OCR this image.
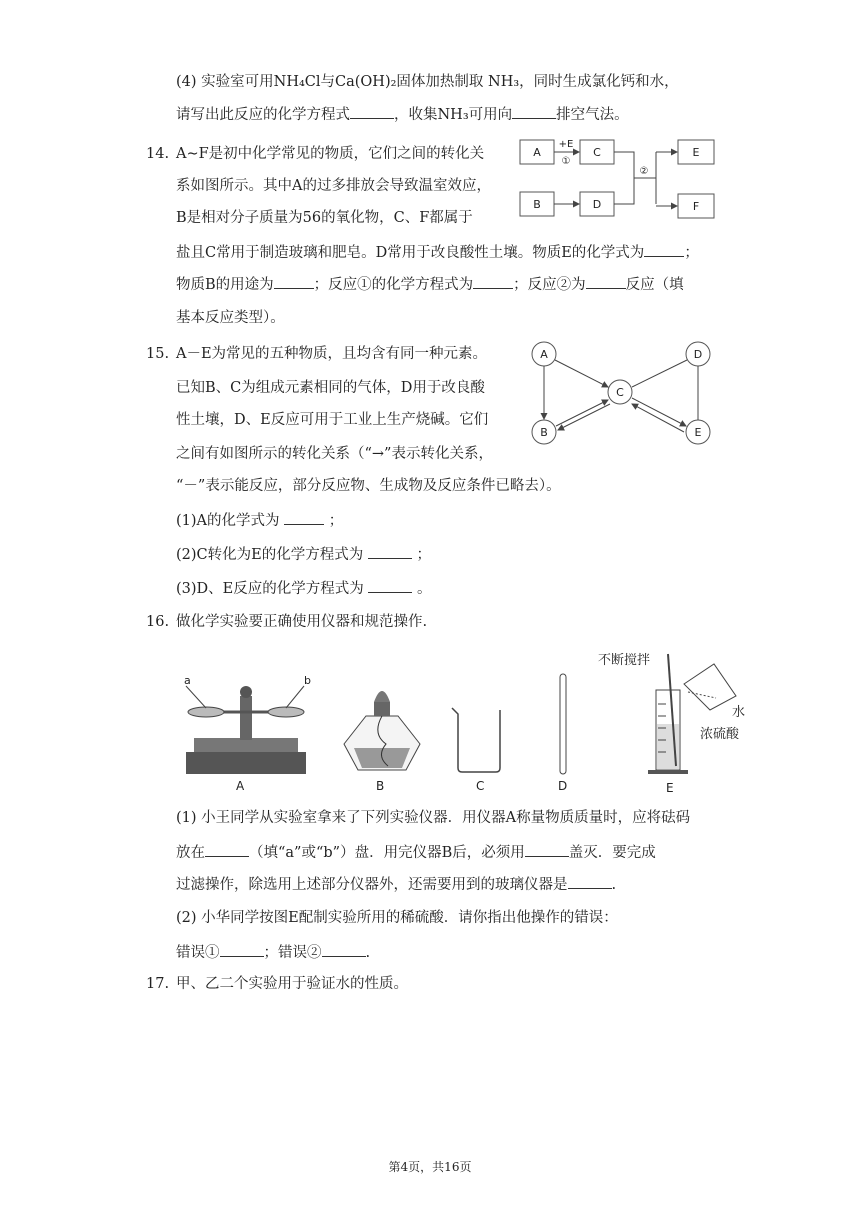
(4) 实验室可用NH₄Cl与Ca(OH)₂固体加热制取 NH₃，同时生成氯化钙和水，
请写出此反应的化学方程式	，收集NH₃可用向	排空气法。
14. A∼F是初中化学常见的物质，它们之间的转化关
系如图所示。其中A的过多排放会导致温室效应，
B是相对分子质量为56的氧化物，C、F都属于
盐且C常用于制造玻璃和肥皂。D常用于改良酸性土壤。物质E的化学式为	；
物质B的用途为	；反应①的化学方程式为	；反应②为	反应（填
基本反应类型）。
A	C
B	D
E
F
+E
①
②
15. A－E为常见的五种物质，且均含有同一种元素。
已知B、C为组成元素相同的气体，D用于改良酸
性土壤，D、E反应可用于工业上生产烧碱。它们
之间有如图所示的转化关系（“→”表示转化关系，
“－”表示能反应，部分反应物、生成物及反应条件已略去）。
(1)A的化学式为	；
(2)C转化为E的化学方程式为	；
(3)D、E反应的化学方程式为	。
A
C
D
B	E
16. 做化学实验要正确使用仪器和规范操作.
a	b
A	B	C	D
不断搅拌
水
浓硫酸
E
(1) 小王同学从实验室拿来了下列实验仪器．用仪器A称量物质质量时，应将砝码
放在	（填“a”或“b”）盘．用完仪器B后，必须用	盖灭．要完成
过滤操作，除选用上述部分仪器外，还需要用到的玻璃仪器是	.
(2) 小华同学按图E配制实验所用的稀硫酸．请你指出他操作的错误：
错误①	；错误②	.
17. 甲、乙二个实验用于验证水的性质。
第4页，共16页
